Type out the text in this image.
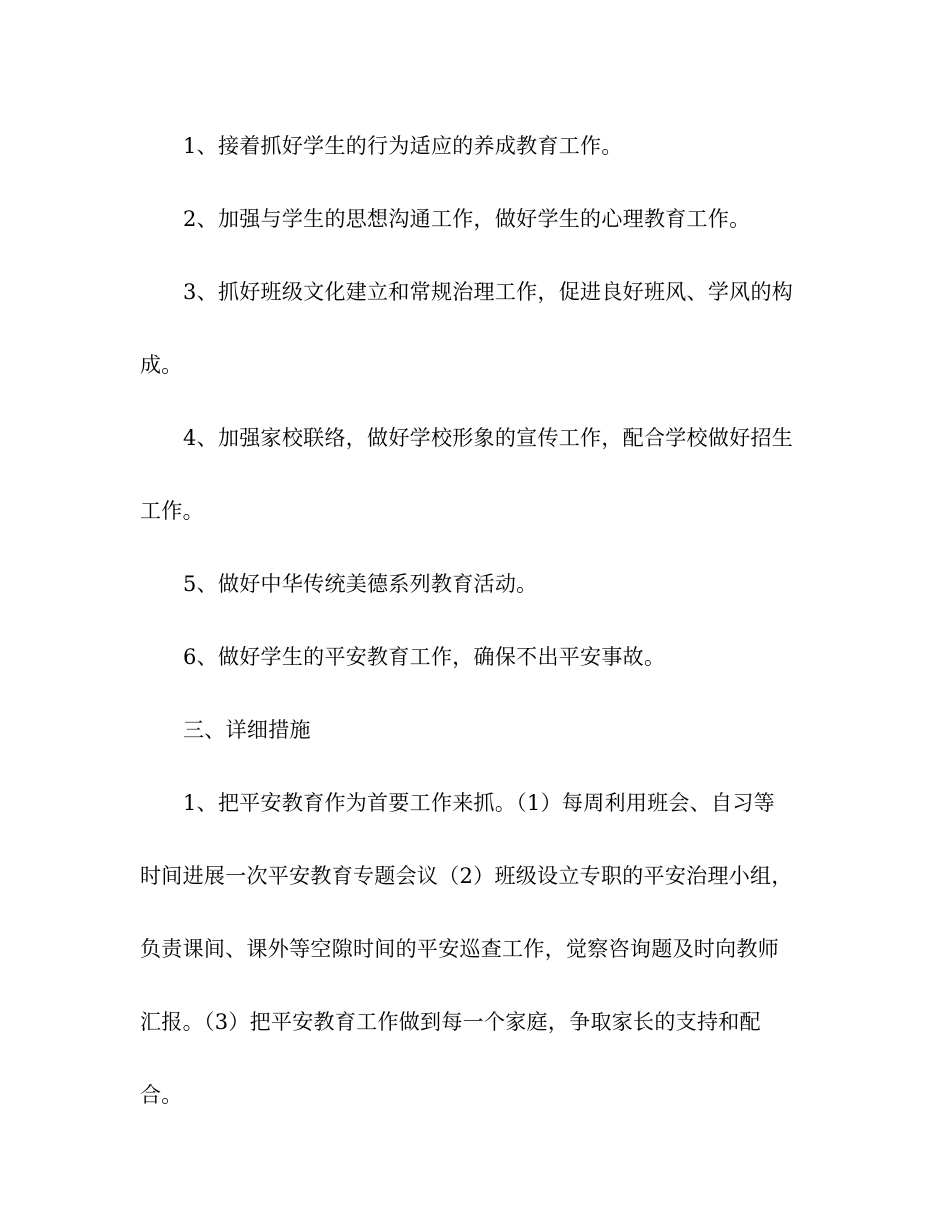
1、接着抓好学生的行为适应的养成教育工作。
2、加强与学生的思想沟通工作，做好学生的心理教育工作。
3、抓好班级文化建立和常规治理工作，促进良好班风、学风的构
成。
4、加强家校联络，做好学校形象的宣传工作，配合学校做好招生
工作。
5、做好中华传统美德系列教育活动。
6、做好学生的平安教育工作，确保不出平安事故。
三、详细措施
1、把平安教育作为首要工作来抓。（1）每周利用班会、自习等
时间进展一次平安教育专题会议（2）班级设立专职的平安治理小组，
负责课间、课外等空隙时间的平安巡查工作，觉察咨询题及时向教师
汇报。（3）把平安教育工作做到每一个家庭，争取家长的支持和配
合。
